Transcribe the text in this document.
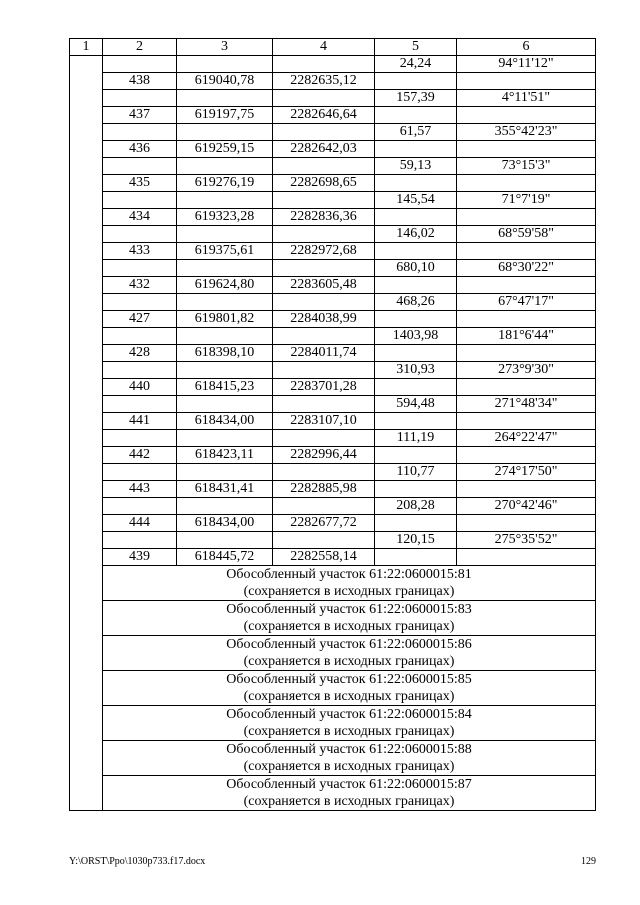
1	2	3	4	5	6
				24,24	94°11'12"
	438	619040,78	2282635,12		
				157,39	4°11'51"
	437	619197,75	2282646,64		
				61,57	355°42'23"
	436	619259,15	2282642,03		
				59,13	73°15'3"
	435	619276,19	2282698,65		
				145,54	71°7'19"
	434	619323,28	2282836,36		
				146,02	68°59'58"
	433	619375,61	2282972,68		
				680,10	68°30'22"
	432	619624,80	2283605,48		
				468,26	67°47'17"
	427	619801,82	2284038,99		
				1403,98	181°6'44"
	428	618398,10	2284011,74		
				310,93	273°9'30"
	440	618415,23	2283701,28		
				594,48	271°48'34"
	441	618434,00	2283107,10		
				111,19	264°22'47"
	442	618423,11	2282996,44		
				110,77	274°17'50"
	443	618431,41	2282885,98		
				208,28	270°42'46"
	444	618434,00	2282677,72		
				120,15	275°35'52"
	439	618445,72	2282558,14		

	Обособленный участок 61:22:0600015:81
(сохраняется в исходных границах)				

	Обособленный участок 61:22:0600015:83
(сохраняется в исходных границах)				

	Обособленный участок 61:22:0600015:86
(сохраняется в исходных границах)				

	Обособленный участок 61:22:0600015:85
(сохраняется в исходных границах)				

	Обособленный участок 61:22:0600015:84
(сохраняется в исходных границах)				

	Обособленный участок 61:22:0600015:88
(сохраняется в исходных границах)				

	Обособленный участок 61:22:0600015:87
(сохраняется в исходных границах)				
Y:\ORST\Ppo\1030p733.f17.docx	129
